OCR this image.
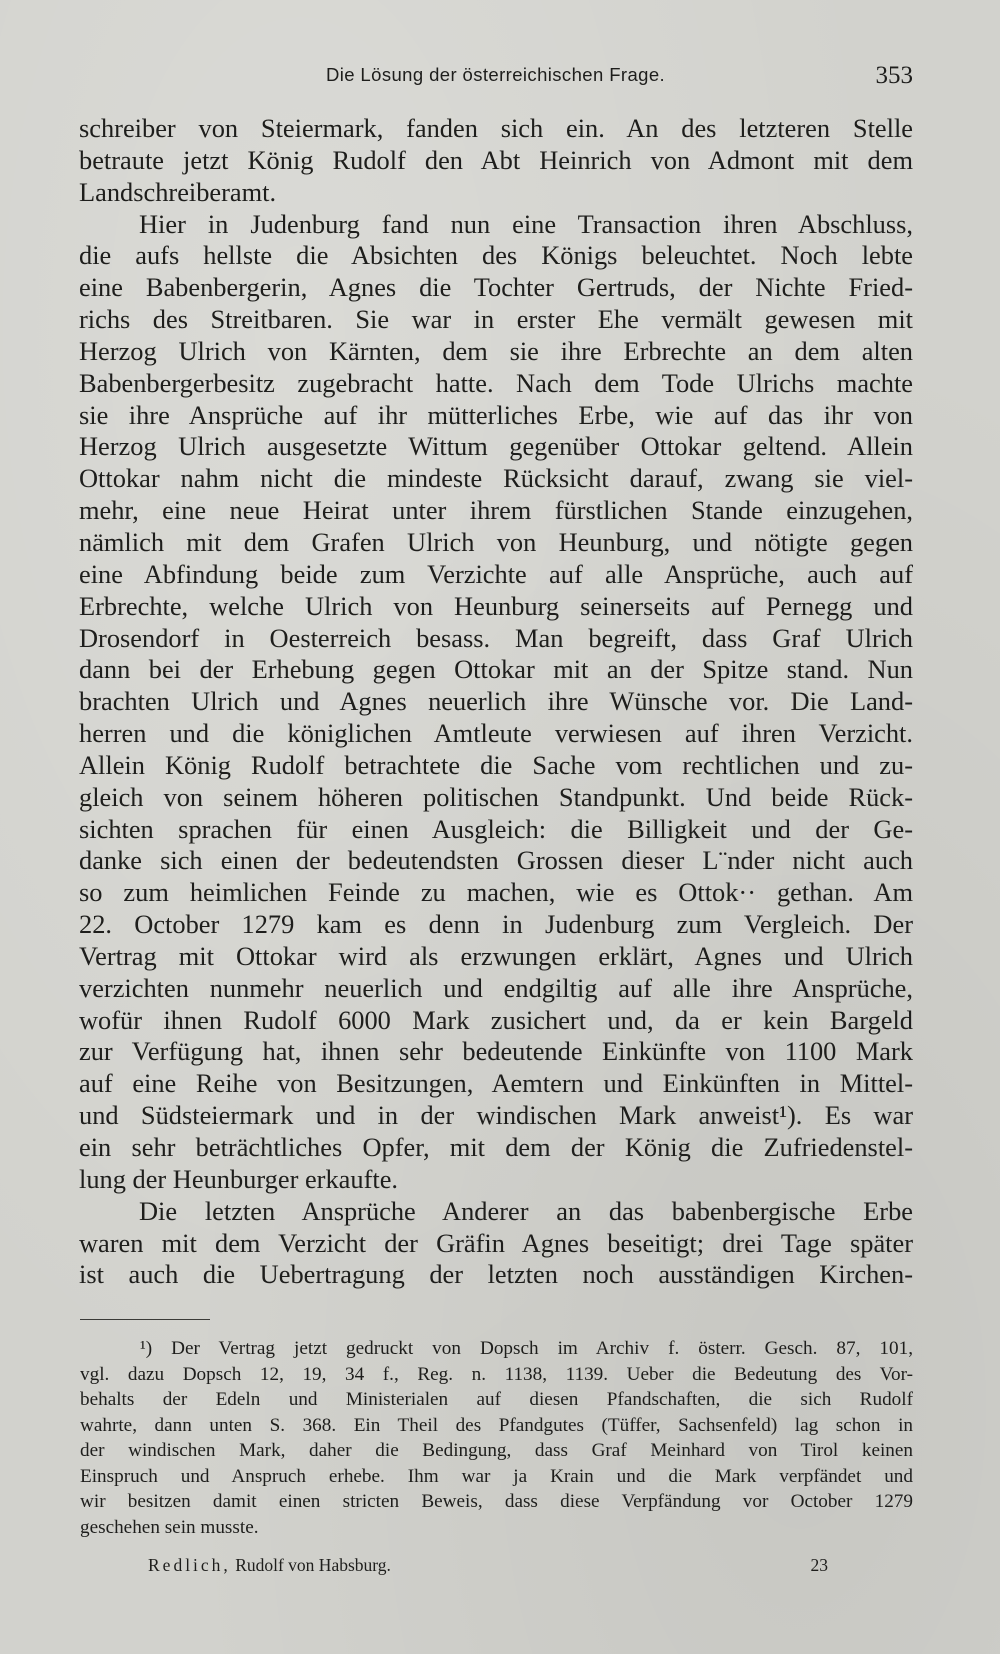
Die Lösung der österreichischen Frage.	353
schreiber von Steiermark, fanden sich ein. An des letzteren Stelle
betraute jetzt König Rudolf den Abt Heinrich von Admont mit dem
Landschreiberamt.
Hier in Judenburg fand nun eine Transaction ihren Abschluss,
die aufs hellste die Absichten des Königs beleuchtet. Noch lebte
eine Babenbergerin, Agnes die Tochter Gertruds, der Nichte Fried-
richs des Streitbaren. Sie war in erster Ehe vermält gewesen mit
Herzog Ulrich von Kärnten, dem sie ihre Erbrechte an dem alten
Babenbergerbesitz zugebracht hatte. Nach dem Tode Ulrichs machte
sie ihre Ansprüche auf ihr mütterliches Erbe, wie auf das ihr von
Herzog Ulrich ausgesetzte Wittum gegenüber Ottokar geltend. Allein
Ottokar nahm nicht die mindeste Rücksicht darauf, zwang sie viel-
mehr, eine neue Heirat unter ihrem fürstlichen Stande einzugehen,
nämlich mit dem Grafen Ulrich von Heunburg, und nötigte gegen
eine Abfindung beide zum Verzichte auf alle Ansprüche, auch auf
Erbrechte, welche Ulrich von Heunburg seinerseits auf Pernegg und
Drosendorf in Oesterreich besass. Man begreift, dass Graf Ulrich
dann bei der Erhebung gegen Ottokar mit an der Spitze stand. Nun
brachten Ulrich und Agnes neuerlich ihre Wünsche vor. Die Land-
herren und die königlichen Amtleute verwiesen auf ihren Verzicht.
Allein König Rudolf betrachtete die Sache vom rechtlichen und zu-
gleich von seinem höheren politischen Standpunkt. Und beide Rück-
sichten sprachen für einen Ausgleich: die Billigkeit und der Ge-
danke sich einen der bedeutendsten Grossen dieser L¨nder nicht auch
so zum heimlichen Feinde zu machen, wie es Ottok·· gethan. Am
22. October 1279 kam es denn in Judenburg zum Vergleich. Der
Vertrag mit Ottokar wird als erzwungen erklärt, Agnes und Ulrich
verzichten nunmehr neuerlich und endgiltig auf alle ihre Ansprüche,
wofür ihnen Rudolf 6000 Mark zusichert und, da er kein Bargeld
zur Verfügung hat, ihnen sehr bedeutende Einkünfte von 1100 Mark
auf eine Reihe von Besitzungen, Aemtern und Einkünften in Mittel-
und Südsteiermark und in der windischen Mark anweist¹). Es war
ein sehr beträchtliches Opfer, mit dem der König die Zufriedenstel-
lung der Heunburger erkaufte.
Die letzten Ansprüche Anderer an das babenbergische Erbe
waren mit dem Verzicht der Gräfin Agnes beseitigt; drei Tage später
ist auch die Uebertragung der letzten noch ausständigen Kirchen-
¹) Der Vertrag jetzt gedruckt von Dopsch im Archiv f. österr. Gesch. 87, 101,
vgl. dazu Dopsch 12, 19, 34 f., Reg. n. 1138, 1139. Ueber die Bedeutung des Vor-
behalts der Edeln und Ministerialen auf diesen Pfandschaften, die sich Rudolf
wahrte, dann unten S. 368. Ein Theil des Pfandgutes (Tüffer, Sachsenfeld) lag schon in
der windischen Mark, daher die Bedingung, dass Graf Meinhard von Tirol keinen
Einspruch und Anspruch erhebe. Ihm war ja Krain und die Mark verpfändet und
wir besitzen damit einen stricten Beweis, dass diese Verpfändung vor October 1279
geschehen sein musste.
Redlich, Rudolf von Habsburg.	23
